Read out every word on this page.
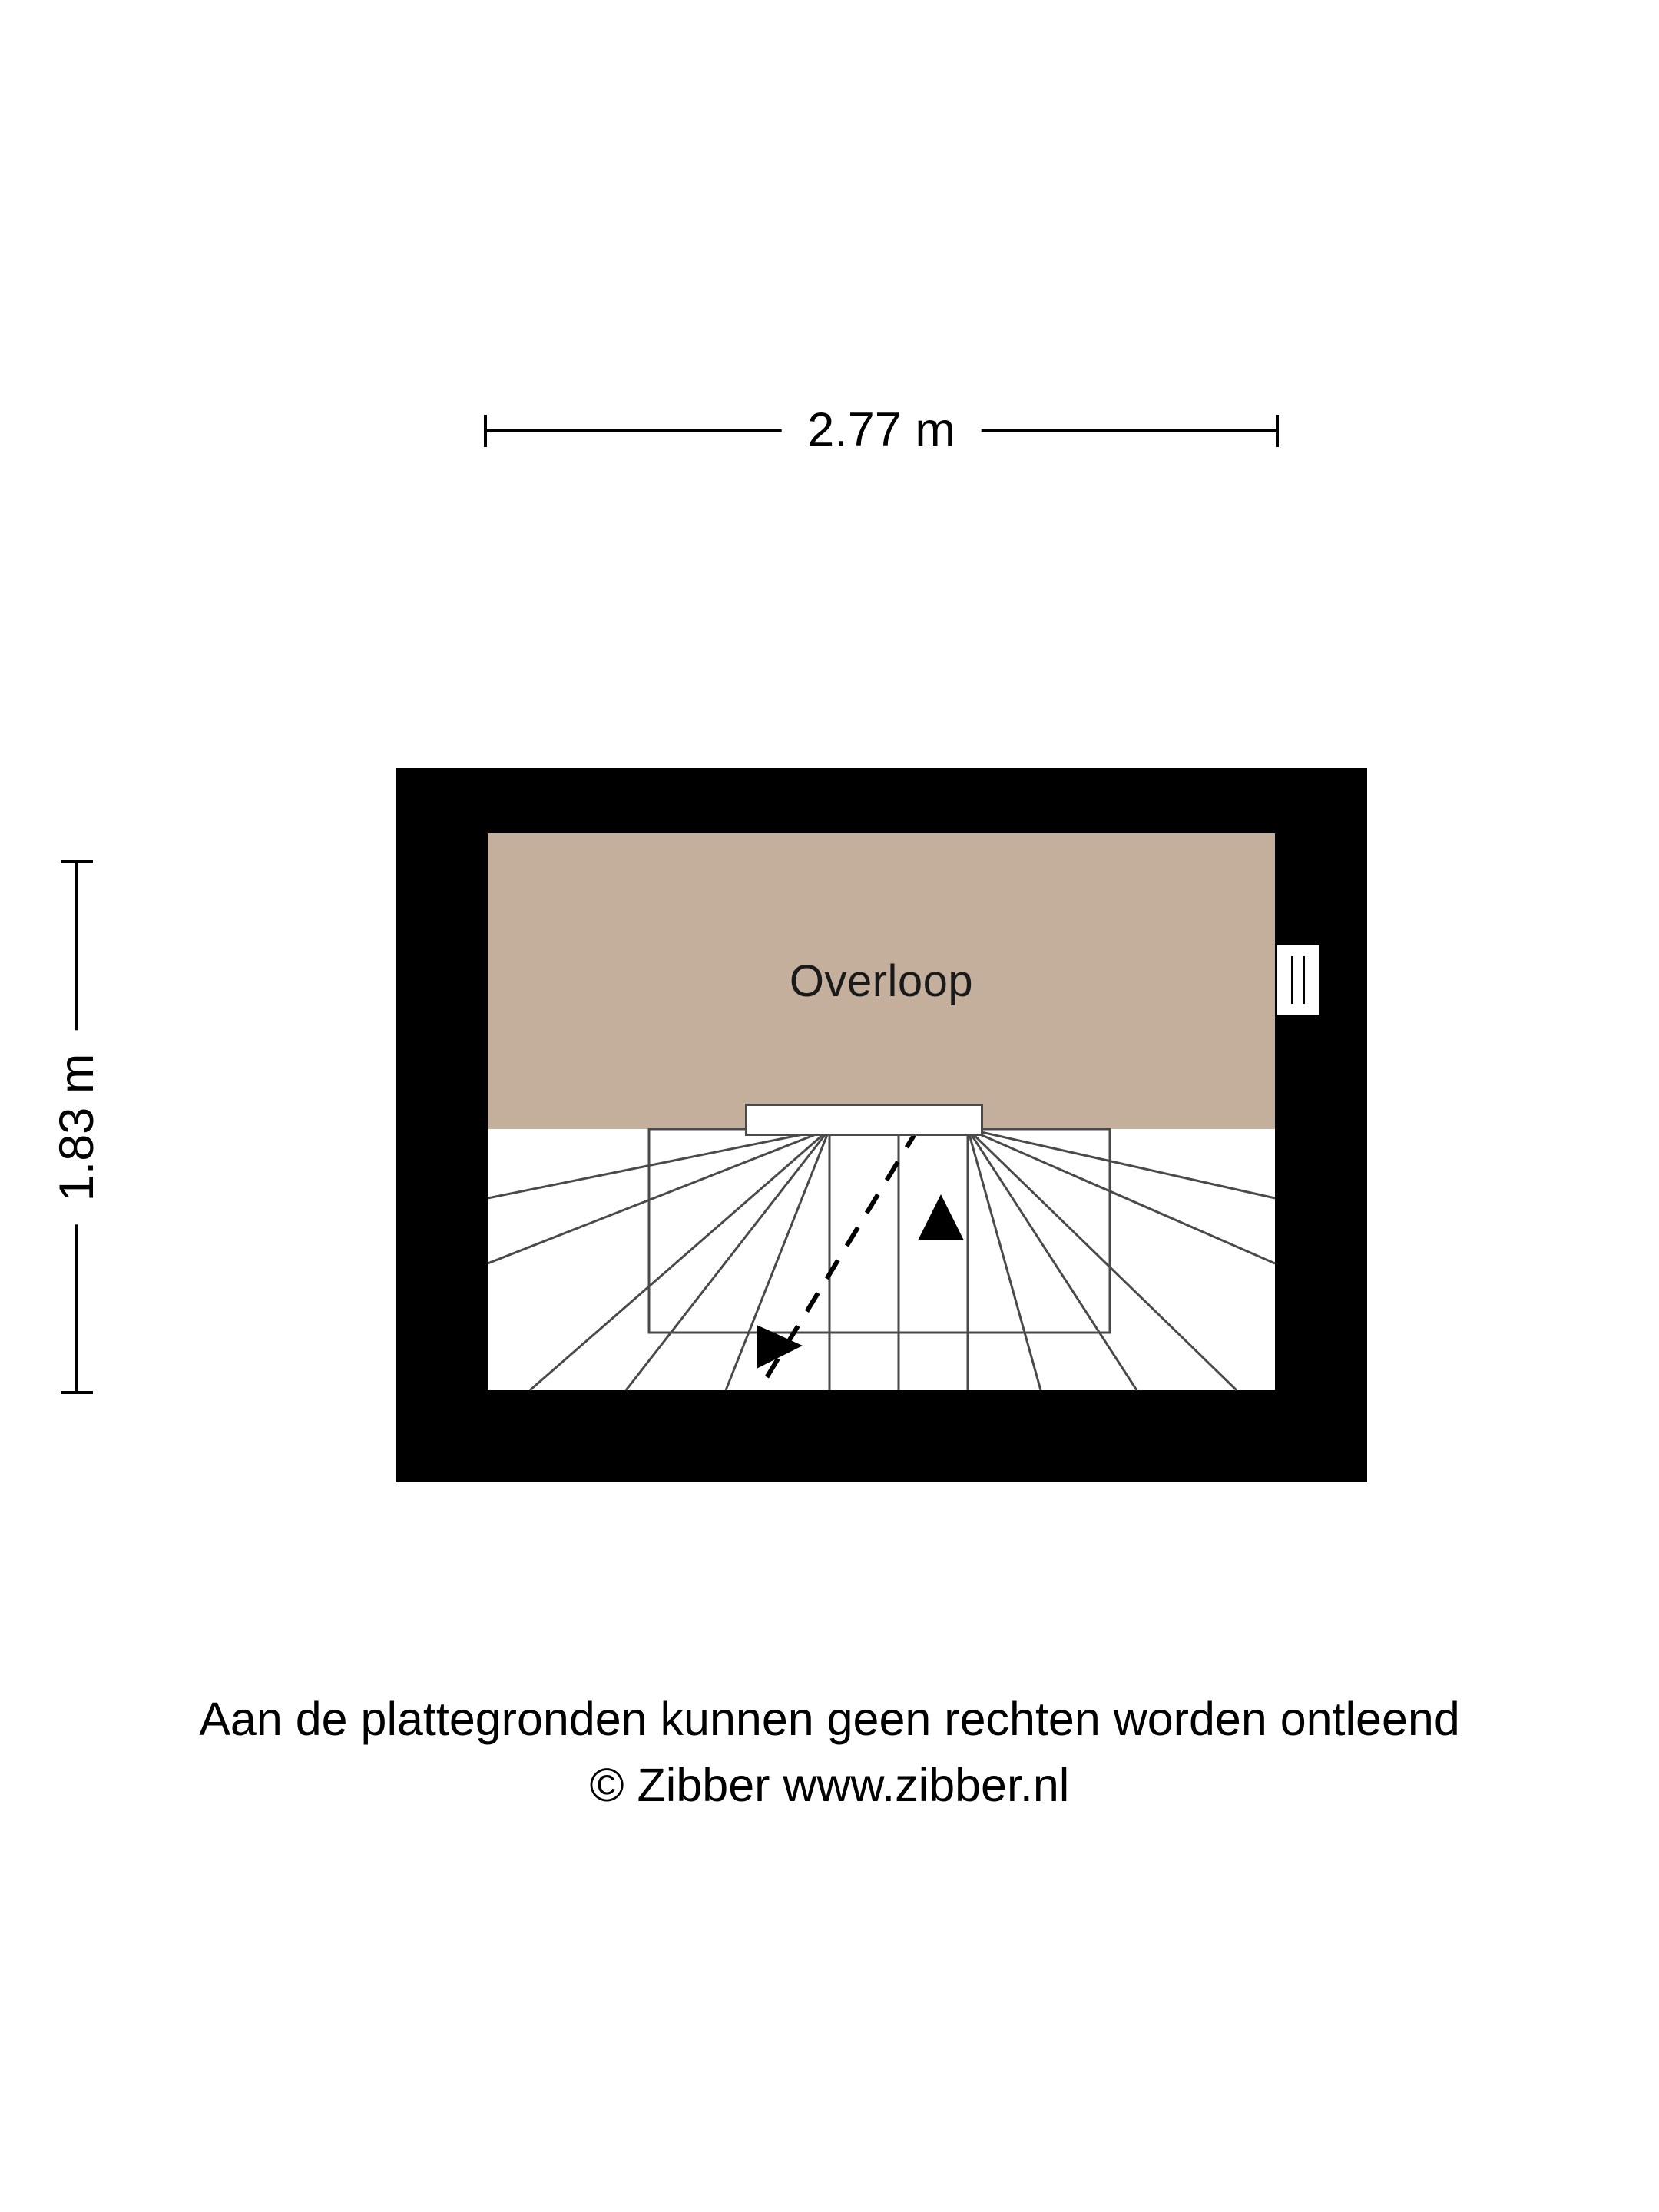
2.77 m
1.83 m
Overloop
Aan de plattegronden kunnen geen rechten worden ontleend
© Zibber www.zibber.nl
